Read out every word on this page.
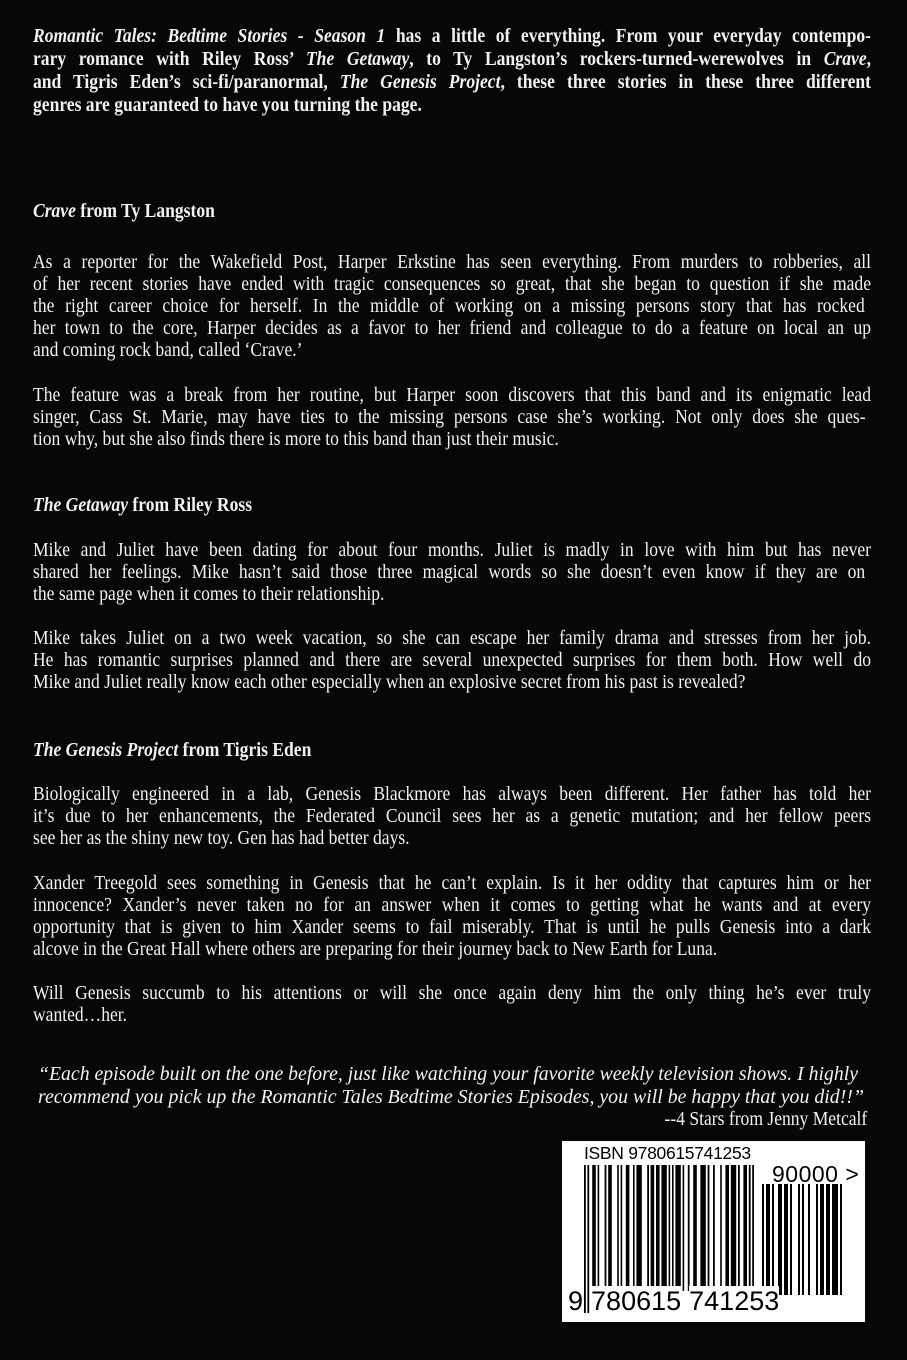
Romantic Tales: Bedtime Stories - Season 1 has a little of everything. From your everyday contempo-
rary romance with Riley Ross’ The Getaway, to Ty Langston’s rockers-turned-werewolves in Crave,
and Tigris Eden’s sci-fi/paranormal, The Genesis Project, these three stories in these three different
genres are guaranteed to have you turning the page.
Crave from Ty Langston
As a reporter for the Wakefield Post, Harper Erkstine has seen everything. From murders to robberies, all
of her recent stories have ended with tragic consequences so great, that she began to question if she made
the right career choice for herself. In the middle of working on a missing persons story that has rocked
her town to the core, Harper decides as a favor to her friend and colleague to do a feature on local an up
and coming rock band, called ‘Crave.’
The feature was a break from her routine, but Harper soon discovers that this band and its enigmatic lead
singer, Cass St. Marie, may have ties to the missing persons case she’s working. Not only does she ques-
tion why, but she also finds there is more to this band than just their music.
The Getaway from Riley Ross
Mike and Juliet have been dating for about four months. Juliet is madly in love with him but has never
shared her feelings. Mike hasn’t said those three magical words so she doesn’t even know if they are on
the same page when it comes to their relationship.
Mike takes Juliet on a two week vacation, so she can escape her family drama and stresses from her job.
He has romantic surprises planned and there are several unexpected surprises for them both. How well do
Mike and Juliet really know each other especially when an explosive secret from his past is revealed?
The Genesis Project from Tigris Eden
Biologically engineered in a lab, Genesis Blackmore has always been different. Her father has told her
it’s due to her enhancements, the Federated Council sees her as a genetic mutation; and her fellow peers
see her as the shiny new toy. Gen has had better days.
Xander Treegold sees something in Genesis that he can’t explain. Is it her oddity that captures him or her
innocence? Xander’s never taken no for an answer when it comes to getting what he wants and at every
opportunity that is given to him Xander seems to fail miserably. That is until he pulls Genesis into a dark
alcove in the Great Hall where others are preparing for their journey back to New Earth for Luna.
Will Genesis succumb to his attentions or will she once again deny him the only thing he’s ever truly
wanted…her.
“Each episode built on the one before, just like watching your favorite weekly television shows. I highly
recommend you pick up the Romantic Tales Bedtime Stories Episodes, you will be happy that you did!!”
--4 Stars from Jenny Metcalf
ISBN 9780615741253
90000 >
9 780615 741253
